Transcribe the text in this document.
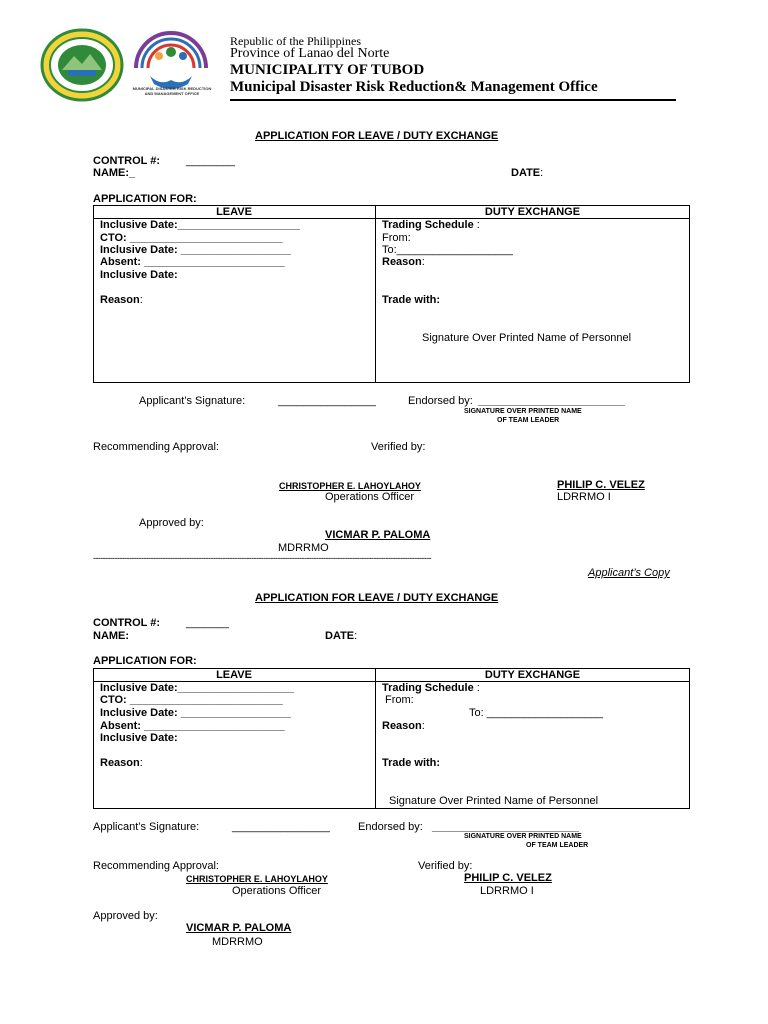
MUNICIPAL DISASTER RISK REDUCTION AND MANAGEMENT OFFICE
Republic of the Philippines
Province of Lanao del Norte
MUNICIPALITY OF TUBOD
Municipal Disaster Risk Reduction& Management Office
APPLICATION FOR LEAVE / DUTY EXCHANGE
CONTROL #: ________
NAME:_	DATE:
APPLICATION FOR:
LEAVE	DUTY EXCHANGE
Inclusive Date:____________________
CTO: _________________________
Inclusive Date: __________________
Absent: _______________________
Inclusive Date:
Reason:
Trading Schedule :
From:
To:___________________
Reason:
Trade with:
Signature Over Printed Name of Personnel
Applicant’s Signature:	________________	Endorsed by: ________________________
SIGNATURE OVER PRINTED NAME
OF TEAM LEADER
Recommending Approval:	Verified by:
CHRISTOPHER E. LAHOYLAHOY
Operations Officer
PHILIP C. VELEZ
LDRRMO I
Approved by:
VICMAR P. PALOMA
MDRRMO
---------------------------------------------------------------------------------------------------------------------------------------------
Applicant’s Copy
APPLICATION FOR LEAVE / DUTY EXCHANGE
CONTROL #: _______
NAME:	DATE:
APPLICATION FOR:
LEAVE	DUTY EXCHANGE
Inclusive Date:___________________
CTO: _________________________
Inclusive Date: __________________
Absent: _______________________
Inclusive Date:
Reason:
Trading Schedule :
From:
To: ___________________
Reason:
Trade with:
Signature Over Printed Name of Personnel
Applicant’s Signature:	________________	Endorsed by: ________________________
SIGNATURE OVER PRINTED NAME
OF TEAM LEADER
Recommending Approval:	Verified by:
CHRISTOPHER E. LAHOYLAHOY
Operations Officer
PHILIP C. VELEZ
LDRRMO I
Approved by:
VICMAR P. PALOMA
MDRRMO
